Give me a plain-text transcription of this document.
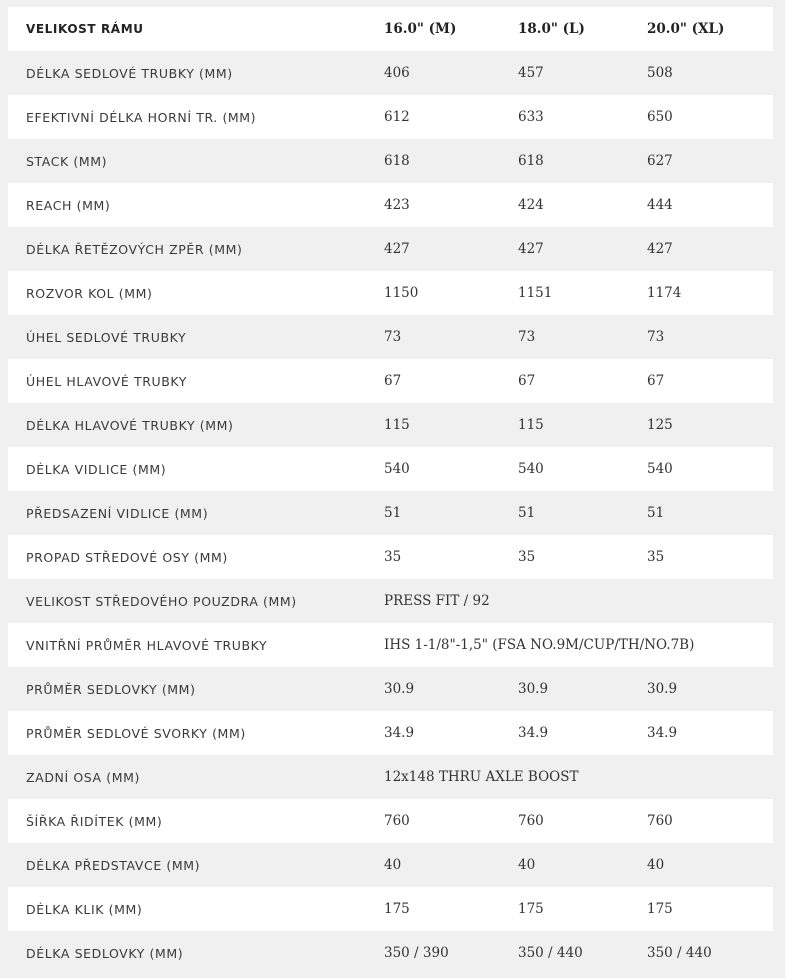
VELIKOST RÁMU	16.0" (M)	18.0" (L)	20.0" (XL)
DÉLKA SEDLOVÉ TRUBKY (MM)	406	457	508
EFEKTIVNÍ DÉLKA HORNÍ TR. (MM)	612	633	650
STACK (MM)	618	618	627
REACH (MM)	423	424	444
DÉLKA ŘETĚZOVÝCH ZPĚR (MM)	427	427	427
ROZVOR KOL (MM)	1150	1151	1174
ÚHEL SEDLOVÉ TRUBKY	73	73	73
ÚHEL HLAVOVÉ TRUBKY	67	67	67
DÉLKA HLAVOVÉ TRUBKY (MM)	115	115	125
DÉLKA VIDLICE (MM)	540	540	540
PŘEDSAZENÍ VIDLICE (MM)	51	51	51
PROPAD STŘEDOVÉ OSY (MM)	35	35	35
VELIKOST STŘEDOVÉHO POUZDRA (MM)	PRESS FIT / 92		
VNITŘNÍ PRŮMĚR HLAVOVÉ TRUBKY	IHS 1-1/8"-1,5" (FSA NO.9M/CUP/TH/NO.7B)		
PRŮMĚR SEDLOVKY (MM)	30.9	30.9	30.9
PRŮMĚR SEDLOVÉ SVORKY (MM)	34.9	34.9	34.9
ZADNÍ OSA (MM)	12x148 THRU AXLE BOOST		
ŠÍŘKA ŘIDÍTEK (MM)	760	760	760
DÉLKA PŘEDSTAVCE (MM)	40	40	40
DÉLKA KLIK (MM)	175	175	175
DÉLKA SEDLOVKY (MM)	350 / 390	350 / 440	350 / 440
